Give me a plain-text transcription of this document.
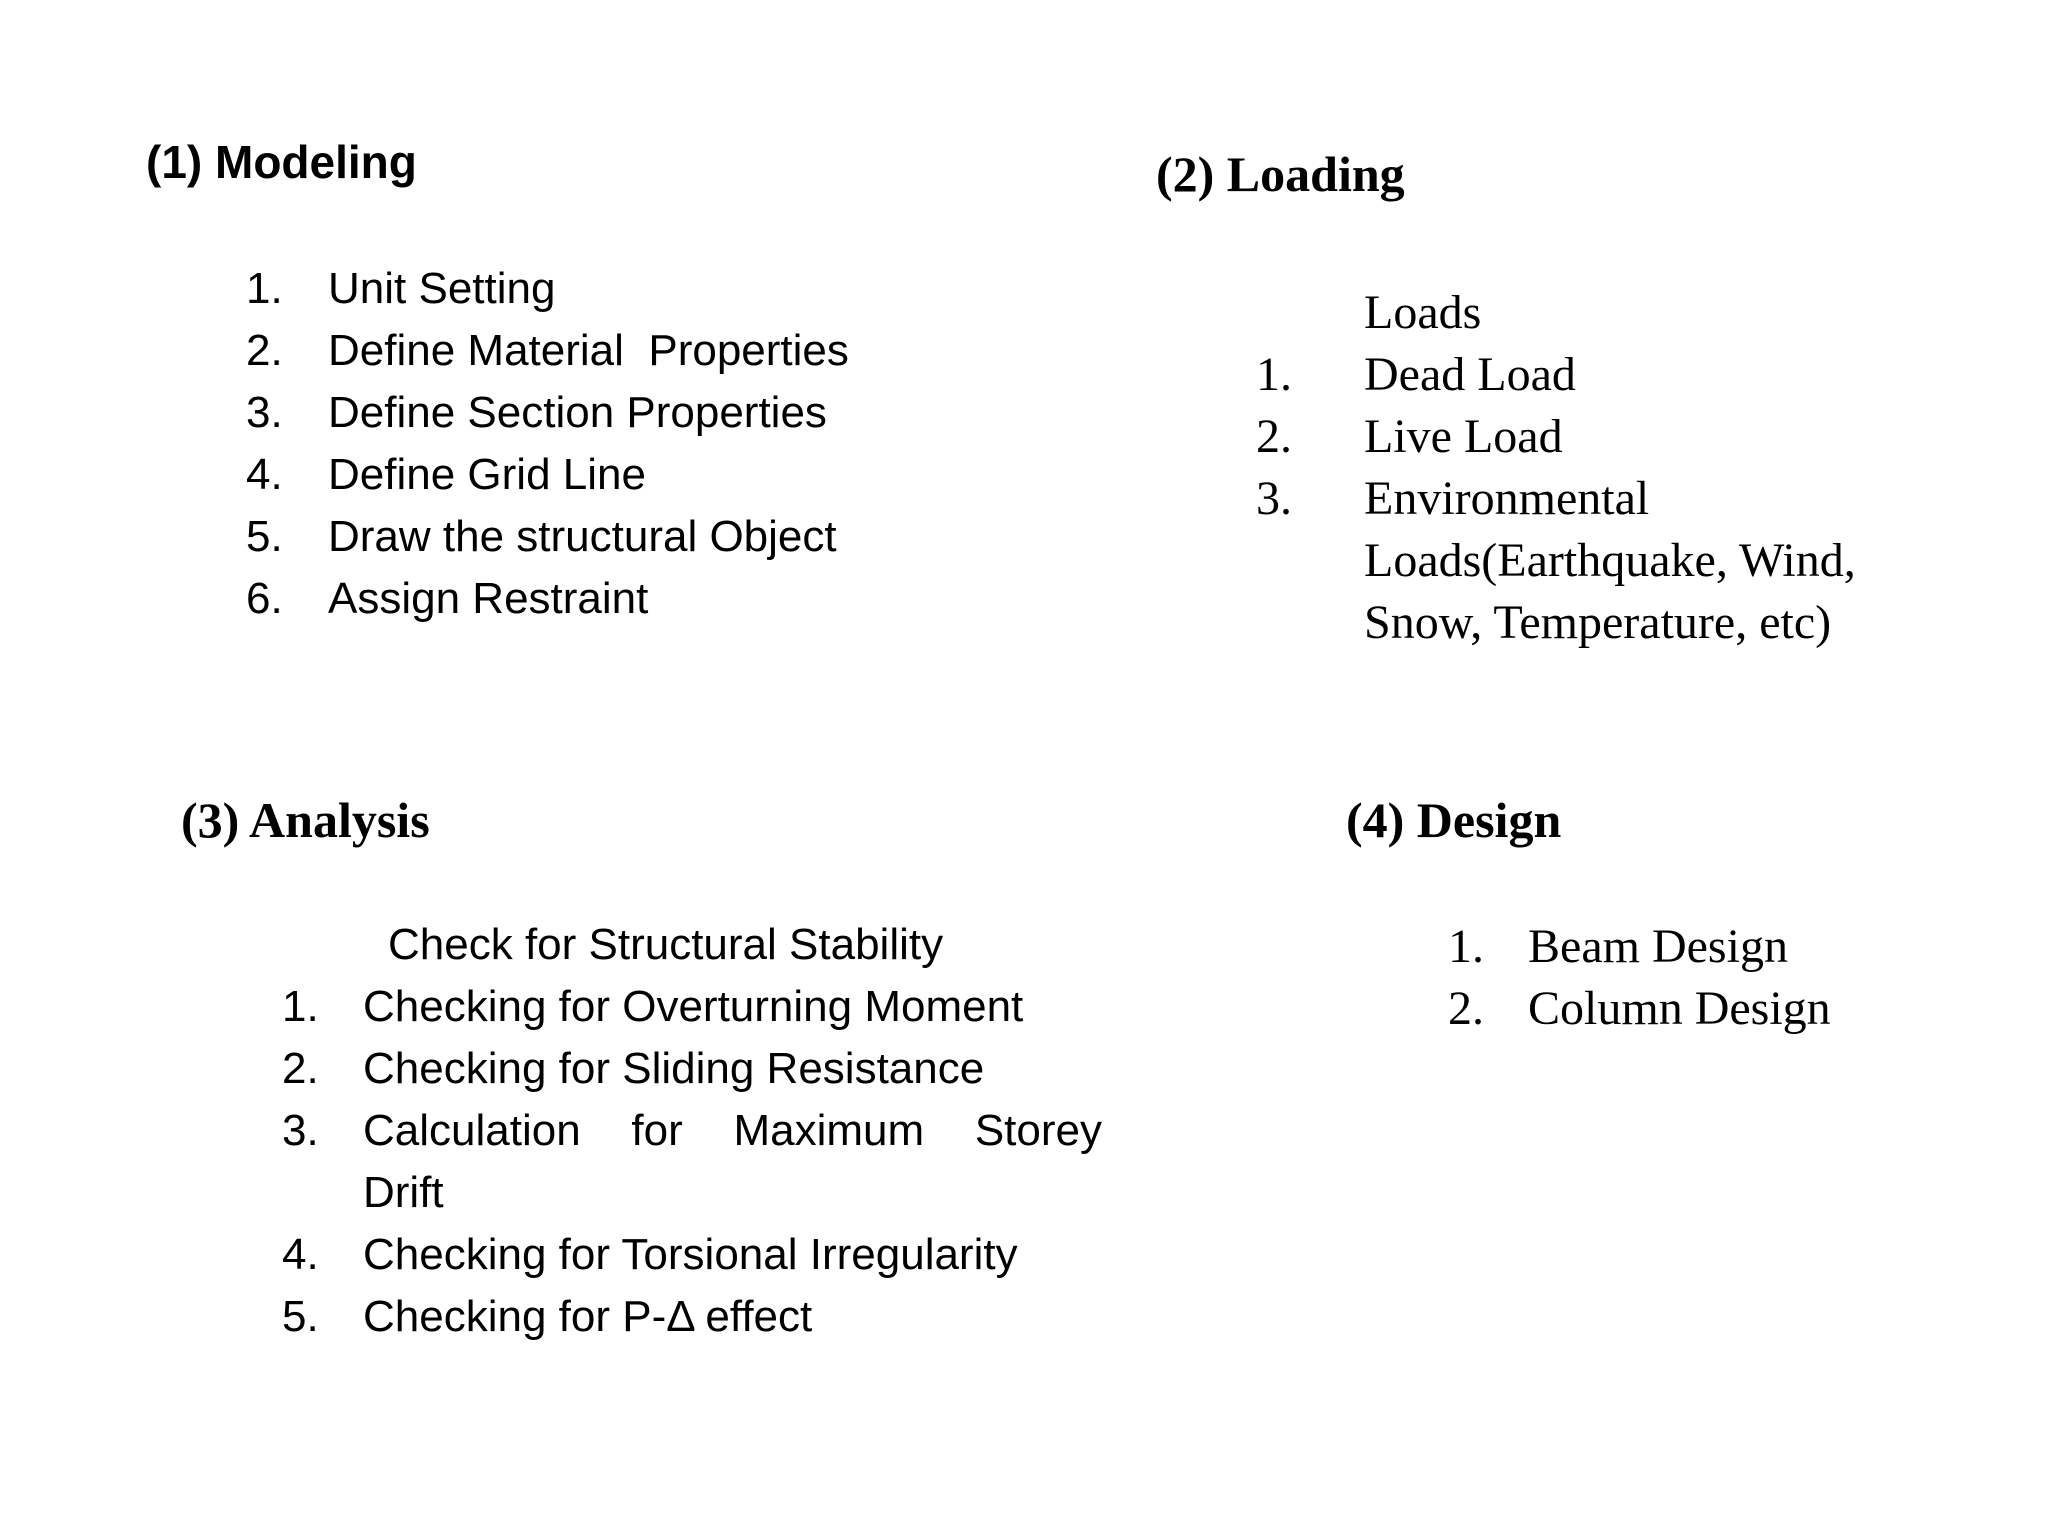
(1) Modeling
1.	Unit Setting
2.	Define Material  Properties
3.	Define Section Properties
4.	Define Grid Line
5.	Draw the structural Object
6.	Assign Restraint
(2) Loading

Loads

1.	Dead Load
2.	Live Load
3.	Environmental Loads(Earthquake, Wind, Snow, Temperature, etc)
(3) Analysis

Check for Structural Stability

1.	Checking for Overturning Moment
2.	Checking for Sliding Resistance
3.	Calculation for Maximum Storey
Drift
4.	Checking for Torsional Irregularity
5.	Checking for P-Δ effect
(4) Design
1. Beam Design
2. Column Design
